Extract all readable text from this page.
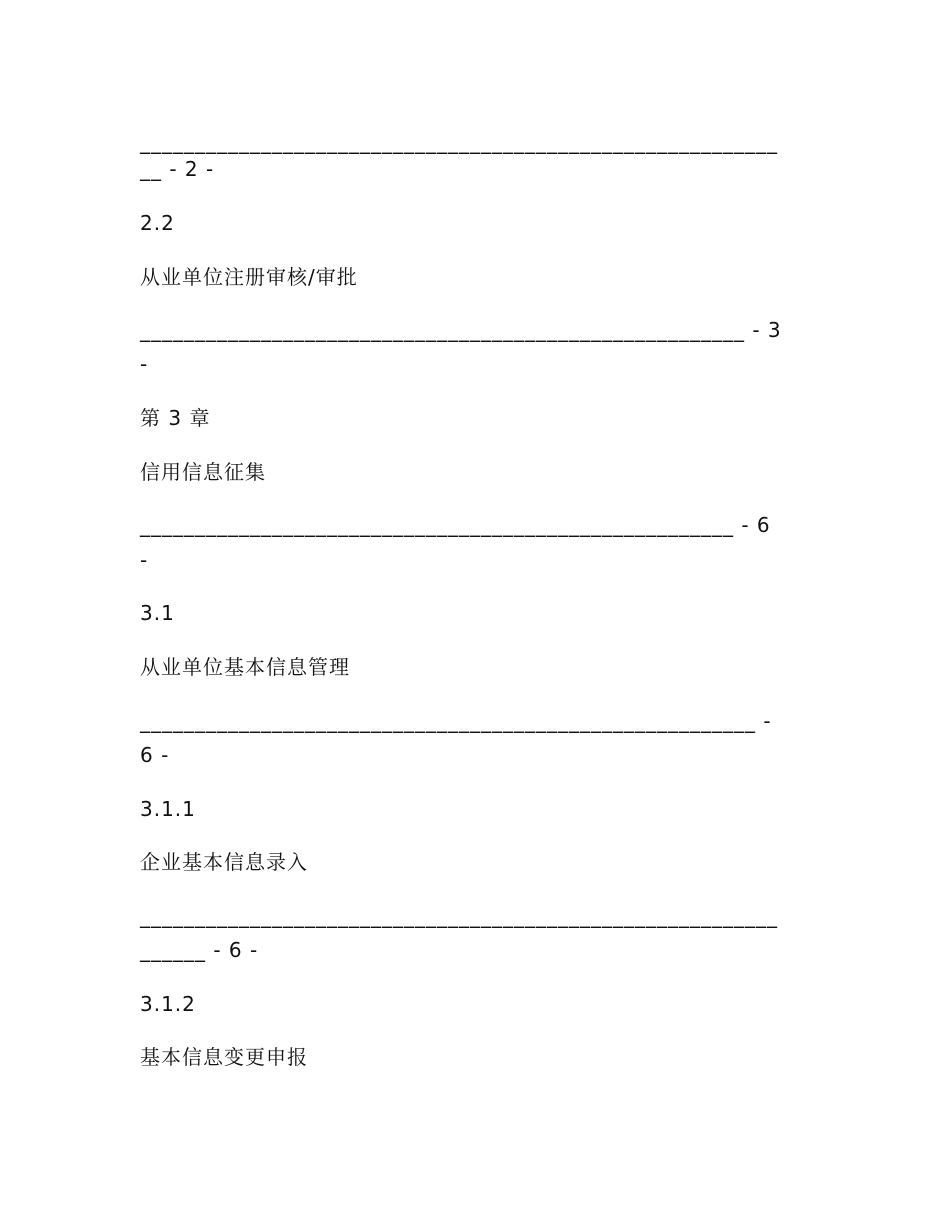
__________________________________________________________
__ - 2 -
2.2
从业单位注册审核/审批
_______________________________________________________ - 3
-
第 3 章
信用信息征集
______________________________________________________ - 6
-
3.1
从业单位基本信息管理
________________________________________________________ -
6 -
3.1.1
企业基本信息录入
__________________________________________________________
______ - 6 -
3.1.2
基本信息变更申报
